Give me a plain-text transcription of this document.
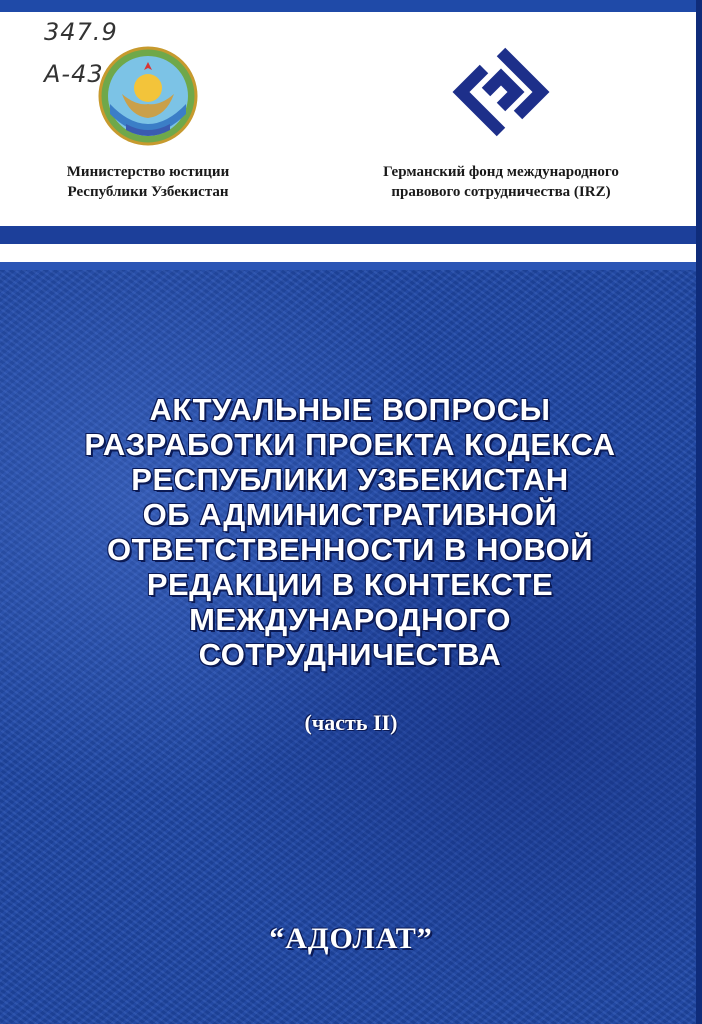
347.9
А-43
Министерство юстиции
Республики Узбекистан
Германский фонд международного
правового сотрудничества (IRZ)
АКТУАЛЬНЫЕ ВОПРОСЫ
РАЗРАБОТКИ ПРОЕКТА КОДЕКСА
РЕСПУБЛИКИ УЗБЕКИСТАН
ОБ АДМИНИСТРАТИВНОЙ
ОТВЕТСТВЕННОСТИ В НОВОЙ
РЕДАКЦИИ В КОНТЕКСТЕ
МЕЖДУНАРОДНОГО
СОТРУДНИЧЕСТВА
(часть II)
“АДОЛАТ”
